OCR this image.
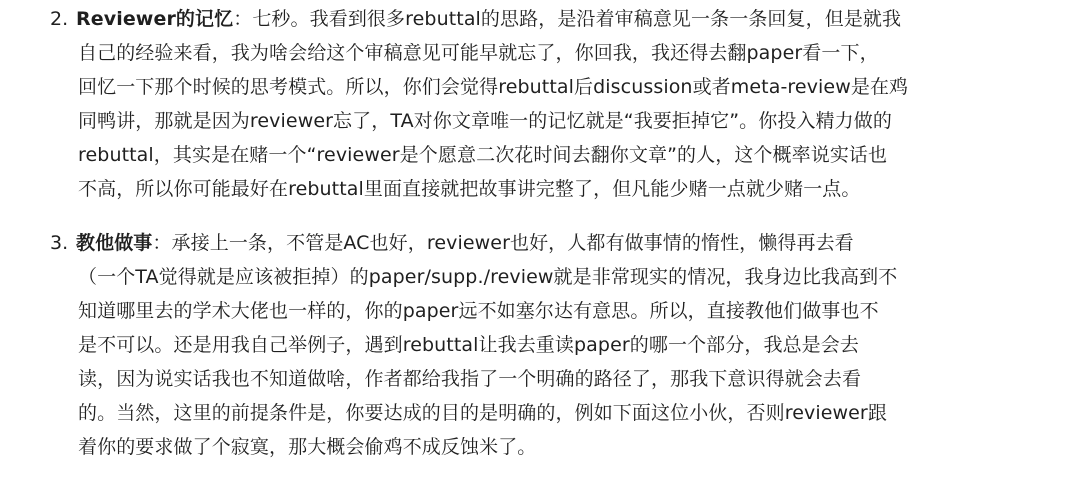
2. Reviewer的记忆：七秒。我看到很多rebuttal的思路，是沿着审稿意见一条一条回复，但是就我
自己的经验来看，我为啥会给这个审稿意见可能早就忘了，你回我，我还得去翻paper看一下，
回忆一下那个时候的思考模式。所以，你们会觉得rebuttal后discussion或者meta-review是在鸡
同鸭讲，那就是因为reviewer忘了，TA对你文章唯一的记忆就是“我要拒掉它”。你投入精力做的
rebuttal，其实是在赌一个“reviewer是个愿意二次花时间去翻你文章”的人，这个概率说实话也
不高，所以你可能最好在rebuttal里面直接就把故事讲完整了，但凡能少赌一点就少赌一点。
3. 教他做事：承接上一条，不管是AC也好，reviewer也好，人都有做事情的惰性，懒得再去看
（一个TA觉得就是应该被拒掉）的paper/supp./review就是非常现实的情况，我身边比我高到不
知道哪里去的学术大佬也一样的，你的paper远不如塞尔达有意思。所以，直接教他们做事也不
是不可以。还是用我自己举例子，遇到rebuttal让我去重读paper的哪一个部分，我总是会去
读，因为说实话我也不知道做啥，作者都给我指了一个明确的路径了，那我下意识得就会去看
的。当然，这里的前提条件是，你要达成的目的是明确的，例如下面这位小伙，否则reviewer跟
着你的要求做了个寂寞，那大概会偷鸡不成反蚀米了。
